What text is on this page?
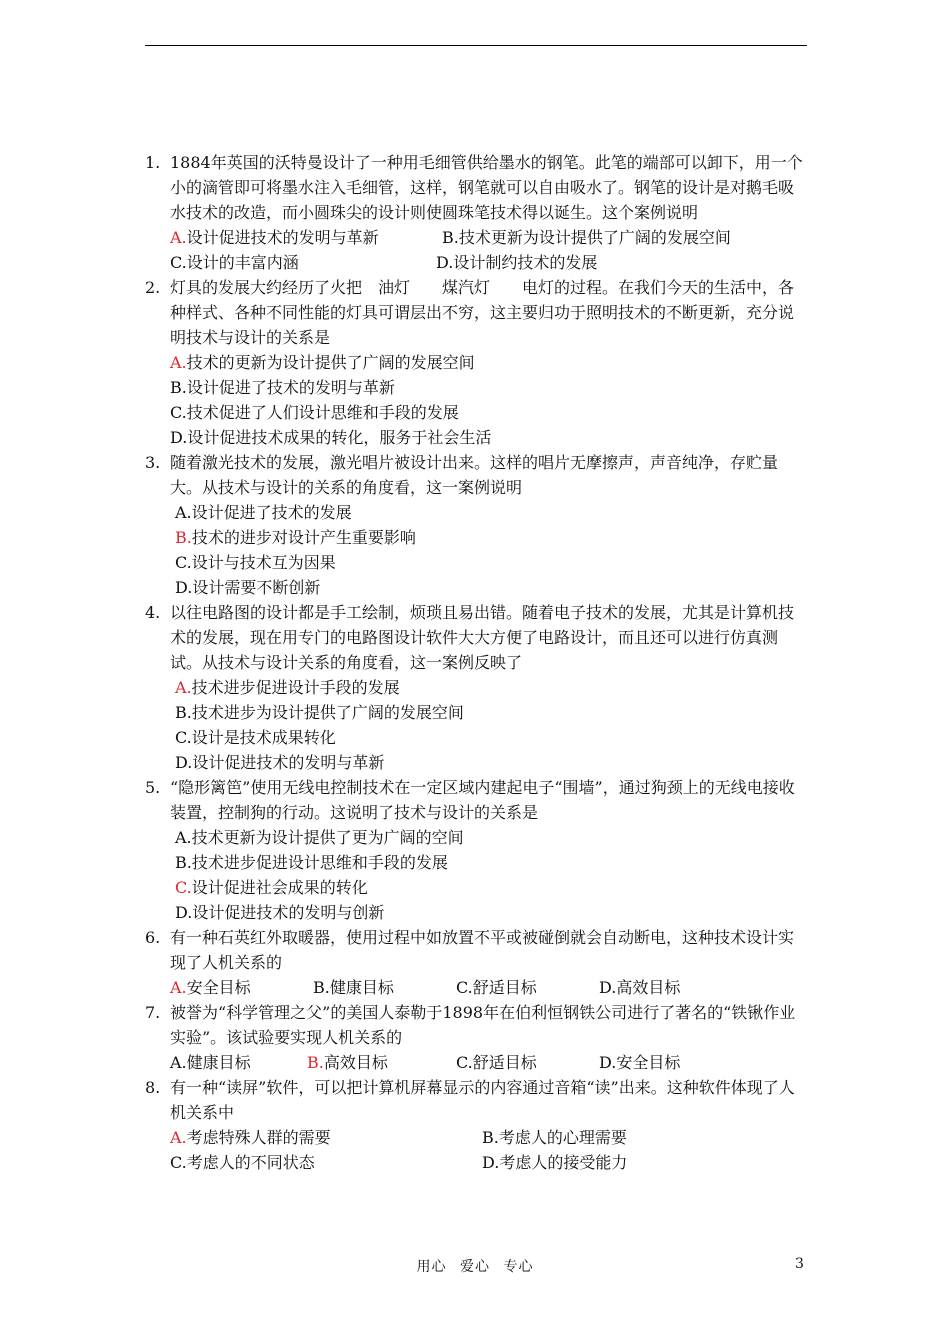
1. 1884年英国的沃特曼设计了一种用毛细管供给墨水的钢笔。此笔的端部可以卸下，用一个小的滴管即可将墨水注入毛细管，这样，钢笔就可以自由吸水了。钢笔的设计是对鹅毛吸水技术的改造，而小圆珠尖的设计则使圆珠笔技术得以诞生。这个案例说明
A.设计促进技术的发明与革新	B.技术更新为设计提供了广阔的发展空间
C.设计的丰富内涵	D.设计制约技术的发展
2. 灯具的发展大约经历了火把　油灯　　煤汽灯　　电灯的过程。在我们今天的生活中，各种样式、各种不同性能的灯具可谓层出不穷，这主要归功于照明技术的不断更新，充分说明技术与设计的关系是
A.技术的更新为设计提供了广阔的发展空间
B.设计促进了技术的发明与革新
C.技术促进了人们设计思维和手段的发展
D.设计促进技术成果的转化，服务于社会生活
3. 随着激光技术的发展，激光唱片被设计出来。这样的唱片无摩擦声，声音纯净，存贮量大。从技术与设计的关系的角度看，这一案例说明
A.设计促进了技术的发展
B.技术的进步对设计产生重要影响
C.设计与技术互为因果
D.设计需要不断创新
4. 以往电路图的设计都是手工绘制，烦琐且易出错。随着电子技术的发展，尤其是计算机技术的发展，现在用专门的电路图设计软件大大方便了电路设计，而且还可以进行仿真测试。从技术与设计关系的角度看，这一案例反映了
A.技术进步促进设计手段的发展
B.技术进步为设计提供了广阔的发展空间
C.设计是技术成果转化
D.设计促进技术的发明与革新
5. “隐形篱笆”使用无线电控制技术在一定区域内建起电子“围墙”，通过狗颈上的无线电接收装置，控制狗的行动。这说明了技术与设计的关系是
A.技术更新为设计提供了更为广阔的空间
B.技术进步促进设计思维和手段的发展
C.设计促进社会成果的转化
D.设计促进技术的发明与创新
6. 有一种石英红外取暖器，使用过程中如放置不平或被碰倒就会自动断电，这种技术设计实现了人机关系的
A.安全目标	B.健康目标	C.舒适目标	D.高效目标
7. 被誉为“科学管理之父”的美国人泰勒于1898年在伯利恒钢铁公司进行了著名的“铁锹作业实验”。该试验要实现人机关系的
A.健康目标	B.高效目标	C.舒适目标	D.安全目标
8. 有一种“读屏”软件，可以把计算机屏幕显示的内容通过音箱“读”出来。这种软件体现了人机关系中
A.考虑特殊人群的需要	B.考虑人的心理需要
C.考虑人的不同状态	D.考虑人的接受能力
用心 爱心 专心	3
